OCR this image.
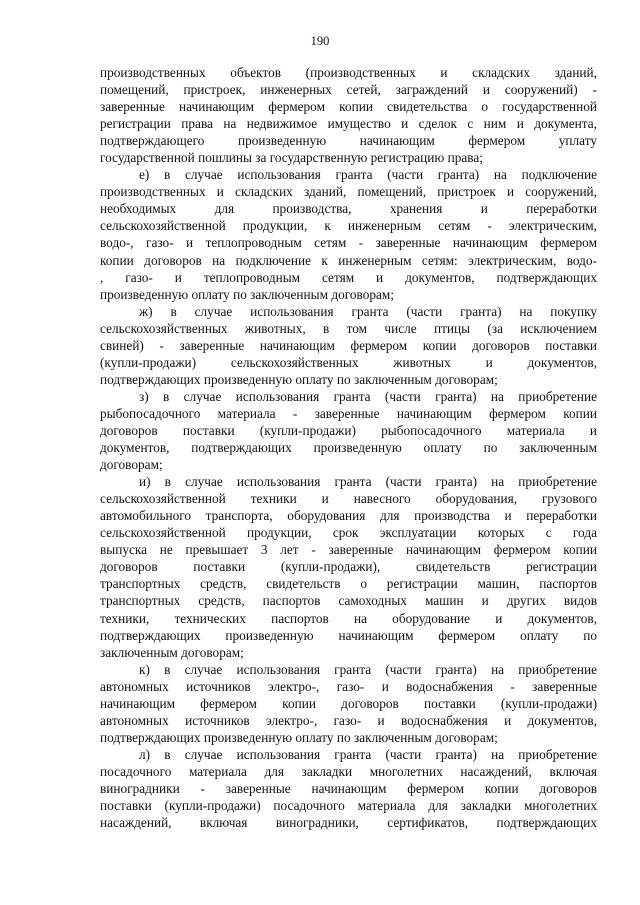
190
производственных объектов (производственных и складских зданий,
помещений, пристроек, инженерных сетей, заграждений и сооружений) -
заверенные начинающим фермером копии свидетельства о государственной
регистрации права на недвижимое имущество и сделок с ним и документа,
подтверждающего произведенную начинающим фермером уплату
государственной пошлины за государственную регистрацию права;
е) в случае использования гранта (части гранта) на подключение
производственных и складских зданий, помещений, пристроек и сооружений,
необходимых для производства, хранения и переработки
сельскохозяйственной продукции, к инженерным сетям - электрическим,
водо-, газо- и теплопроводным сетям - заверенные начинающим фермером
копии договоров на подключение к инженерным сетям: электрическим, водо-
, газо- и теплопроводным сетям и документов, подтверждающих
произведенную оплату по заключенным договорам;
ж) в случае использования гранта (части гранта) на покупку
сельскохозяйственных животных, в том числе птицы (за исключением
свиней) - заверенные начинающим фермером копии договоров поставки
(купли-продажи) сельскохозяйственных животных и документов,
подтверждающих произведенную оплату по заключенным договорам;
з) в случае использования гранта (части гранта) на приобретение
рыбопосадочного материала - заверенные начинающим фермером копии
договоров поставки (купли-продажи) рыбопосадочного материала и
документов, подтверждающих произведенную оплату по заключенным
договорам;
и) в случае использования гранта (части гранта) на приобретение
сельскохозяйственной техники и навесного оборудования, грузового
автомобильного транспорта, оборудования для производства и переработки
сельскохозяйственной продукции, срок эксплуатации которых с года
выпуска не превышает 3 лет - заверенные начинающим фермером копии
договоров поставки (купли-продажи), свидетельств регистрации
транспортных средств, свидетельств о регистрации машин, паспортов
транспортных средств, паспортов самоходных машин и других видов
техники, технических паспортов на оборудование и документов,
подтверждающих произведенную начинающим фермером оплату по
заключенным договорам;
к) в случае использования гранта (части гранта) на приобретение
автономных источников электро-, газо- и водоснабжения - заверенные
начинающим фермером копии договоров поставки (купли-продажи)
автономных источников электро-, газо- и водоснабжения и документов,
подтверждающих произведенную оплату по заключенным договорам;
л) в случае использования гранта (части гранта) на приобретение
посадочного материала для закладки многолетних насаждений, включая
виноградники - заверенные начинающим фермером копии договоров
поставки (купли-продажи) посадочного материала для закладки многолетних
насаждений, включая виноградники, сертификатов, подтверждающих
